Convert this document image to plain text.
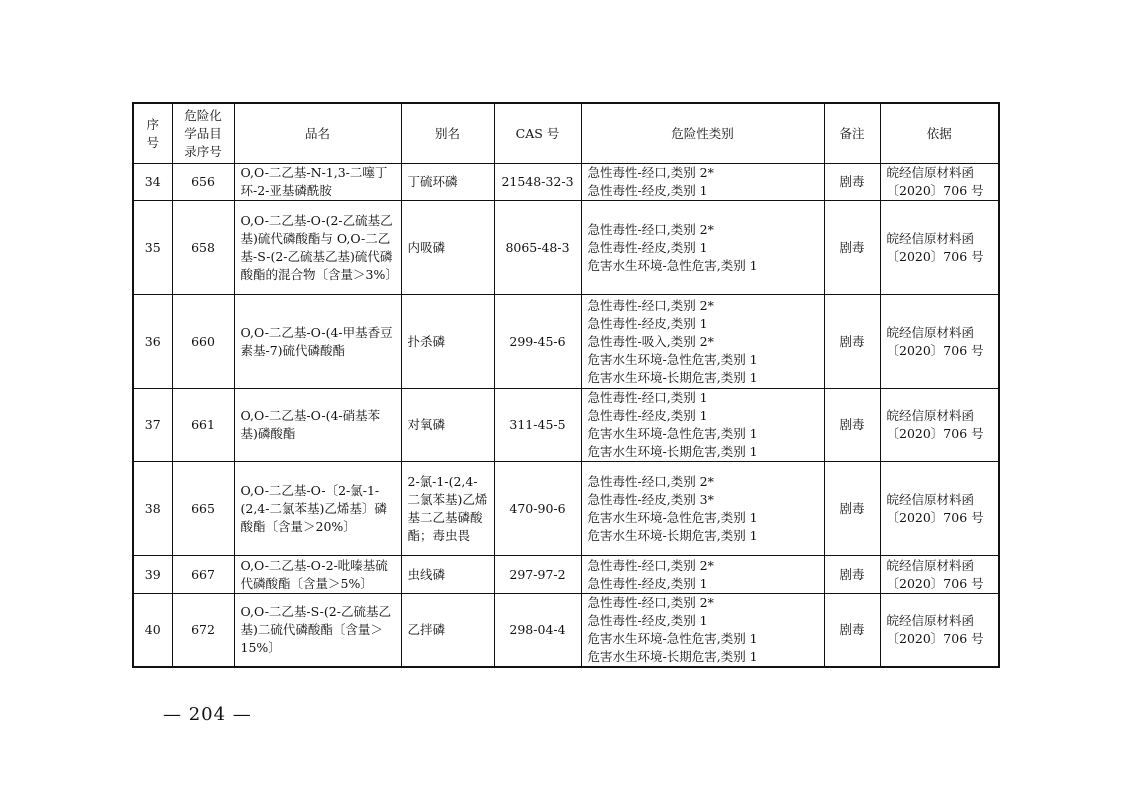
序号	危险化学品目录序号	品名	别名	CAS 号	危险性类别	备注	依据
34	656	O,O-二乙基-N-1,3-二噻丁环-2-亚基磷酰胺	丁硫环磷	21548-32-3	急性毒性-经口,类别 2*
急性毒性-经皮,类别 1	剧毒	皖经信原材料函〔2020〕706 号
35	658	O,O-二乙基-O-(2-乙硫基乙基)硫代磷酸酯与 O,O-二乙基-S-(2-乙硫基乙基)硫代磷酸酯的混合物〔含量＞3%〕	内吸磷	8065-48-3	急性毒性-经口,类别 2*
急性毒性-经皮,类别 1
危害水生环境-急性危害,类别 1	剧毒	皖经信原材料函〔2020〕706 号
36	660	O,O-二乙基-O-(4-甲基香豆素基-7)硫代磷酸酯	扑杀磷	299-45-6	急性毒性-经口,类别 2*
急性毒性-经皮,类别 1
急性毒性-吸入,类别 2*
危害水生环境-急性危害,类别 1
危害水生环境-长期危害,类别 1	剧毒	皖经信原材料函〔2020〕706 号
37	661	O,O-二乙基-O-(4-硝基苯基)磷酸酯	对氧磷	311-45-5	急性毒性-经口,类别 1
急性毒性-经皮,类别 1
危害水生环境-急性危害,类别 1
危害水生环境-长期危害,类别 1	剧毒	皖经信原材料函〔2020〕706 号
38	665	O,O-二乙基-O-〔2-氯-1-(2,4-二氯苯基)乙烯基〕磷酸酯〔含量＞20%〕	2-氯-1-(2,4-二氯苯基)乙烯基二乙基磷酸酯；毒虫畏	470-90-6	急性毒性-经口,类别 2*
急性毒性-经皮,类别 3*
危害水生环境-急性危害,类别 1
危害水生环境-长期危害,类别 1	剧毒	皖经信原材料函〔2020〕706 号
39	667	O,O-二乙基-O-2-吡嗪基硫代磷酸酯〔含量＞5%〕	虫线磷	297-97-2	急性毒性-经口,类别 2*
急性毒性-经皮,类别 1	剧毒	皖经信原材料函〔2020〕706 号
40	672	O,O-二乙基-S-(2-乙硫基乙基)二硫代磷酸酯〔含量＞15%〕	乙拌磷	298-04-4	急性毒性-经口,类别 2*
急性毒性-经皮,类别 1
危害水生环境-急性危害,类别 1
危害水生环境-长期危害,类别 1	剧毒	皖经信原材料函〔2020〕706 号
— 204 —
